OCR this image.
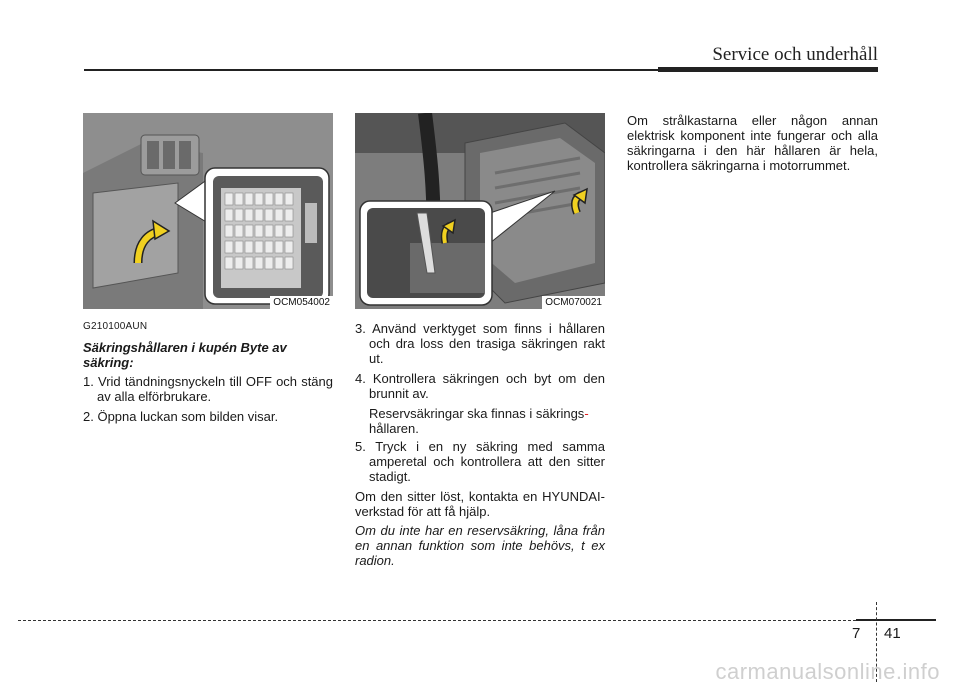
Service och underhåll
OCM054002	OCM070021
G210100AUN
Säkringshållaren i kupén Byte av säkring:
1. Vrid tändningsnyckeln till OFF och stäng av alla elförbrukare.
2. Öppna luckan som bilden visar.
3. Använd verktyget som finns i hållaren och dra loss den trasiga säkringen rakt ut.
4. Kontrollera säkringen och byt om den brunnit av.
Reservsäkringar ska finnas i säkrings-
hållaren.
5. Tryck i en ny säkring med samma amperetal och kontrollera att den sitter stadigt.
Om den sitter löst, kontakta en HYUNDAI-verkstad för att få hjälp.
Om du inte har en reservsäkring, låna från en annan funktion som inte behövs, t ex radion.
Om strålkastarna eller någon annan elektrisk komponent inte fungerar och alla säkringarna i den här hållaren är hela, kontrollera säkringarna i motorrummet.
7 41
carmanualsonline.info
